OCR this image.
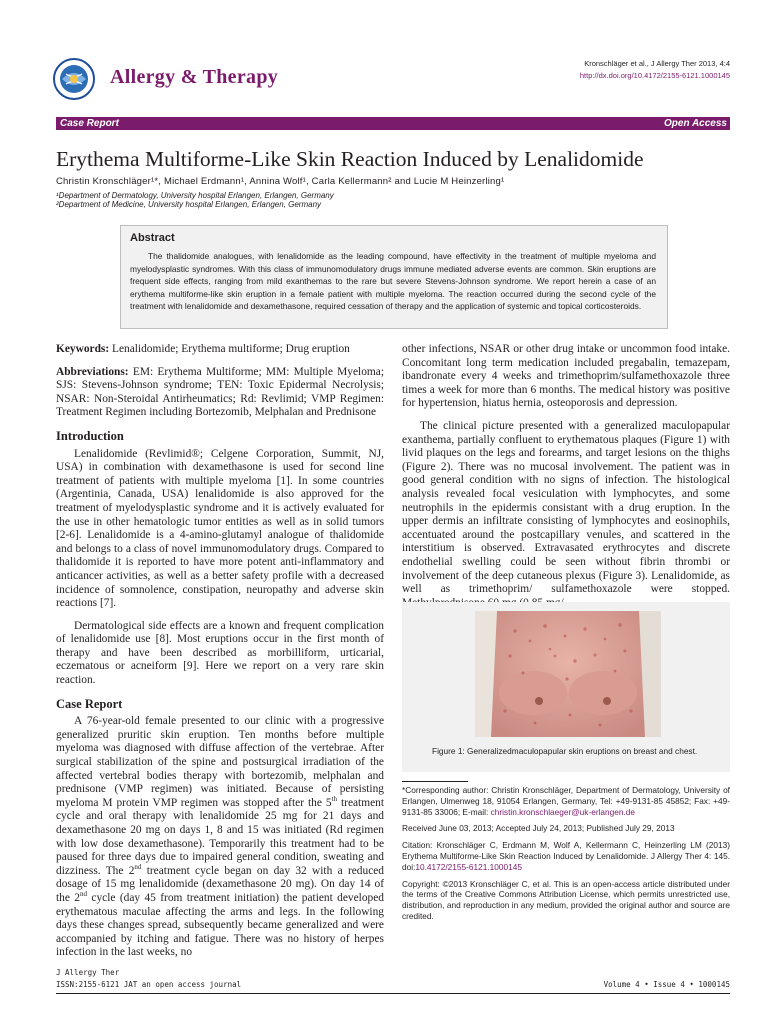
Allergy & Therapy
Kronschläger et al., J Allergy Ther 2013, 4:4
http://dx.doi.org/10.4172/2155-6121.1000145
Case Report	Open Access
Erythema Multiforme-Like Skin Reaction Induced by Lenalidomide
Christin Kronschläger¹*, Michael Erdmann¹, Annina Wolf¹, Carla Kellermann² and Lucie M Heinzerling¹
¹Department of Dermatology, University hospital Erlangen, Erlangen, Germany
²Department of Medicine, University hospital Erlangen, Erlangen, Germany
Abstract
The thalidomide analogues, with lenalidomide as the leading compound, have effectivity in the treatment of multiple myeloma and myelodysplastic syndromes. With this class of immunomodulatory drugs immune mediated adverse events are common. Skin eruptions are frequent side effects, ranging from mild exanthemas to the rare but severe Stevens-Johnson syndrome. We report herein a case of an erythema multiforme-like skin eruption in a female patient with multiple myeloma. The reaction occurred during the second cycle of the treatment with lenalidomide and dexamethasone, required cessation of therapy and the application of systemic and topical corticosteroids.

Keywords: Lenalidomide; Erythema multiforme; Drug eruption

Abbreviations: EM: Erythema Multiforme; MM: Multiple Myeloma; SJS: Stevens-Johnson syndrome; TEN: Toxic Epidermal Necrolysis; NSAR: Non-Steroidal Antirheumatics; Rd: Revlimid; VMP Regimen: Treatment Regimen including Bortezomib, Melphalan and Prednisone

Introduction

Lenalidomide (Revlimid®; Celgene Corporation, Summit, NJ, USA) in combination with dexamethasone is used for second line treatment of patients with multiple myeloma [1]. In some countries (Argentinia, Canada, USA) lenalidomide is also approved for the treatment of myelodysplastic syndrome and it is actively evaluated for the use in other hematologic tumor entities as well as in solid tumors [2-6]. Lenalidomide is a 4-amino-glutamyl analogue of thalidomide and belongs to a class of novel immunomodulatory drugs. Compared to thalidomide it is reported to have more potent anti-inflammatory and anticancer activities, as well as a better safety profile with a decreased incidence of somnolence, constipation, neuropathy and adverse skin reactions [7].

Dermatological side effects are a known and frequent complication of lenalidomide use [8]. Most eruptions occur in the first month of therapy and have been described as morbilliform, urticarial, eczematous or acneiform [9]. Here we report on a very rare skin reaction.

Case Report

A 76-year-old female presented to our clinic with a progressive generalized pruritic skin eruption. Ten months before multiple myeloma was diagnosed with diffuse affection of the vertebrae. After surgical stabilization of the spine and postsurgical irradiation of the affected vertebral bodies therapy with bortezomib, melphalan and prednisone (VMP regimen) was initiated. Because of persisting myeloma M protein VMP regimen was stopped after the 5th treatment cycle and oral therapy with lenalidomide 25 mg for 21 days and dexamethasone 20 mg on days 1, 8 and 15 was initiated (Rd regimen with low dose dexamethasone). Temporarily this treatment had to be paused for three days due to impaired general condition, sweating and dizziness. The 2nd treatment cycle began on day 32 with a reduced dosage of 15 mg lenalidomide (dexamethasone 20 mg). On day 14 of the 2nd cycle (day 45 from treatment initiation) the patient developed erythematous maculae affecting the arms and legs. In the following days these changes spread, subsequently became generalized and were accompanied by itching and fatigue. There was no history of herpes infection in the last weeks, no

other infections, NSAR or other drug intake or uncommon food intake. Concomitant long term medication included pregabalin, temazepam, ibandronate every 4 weeks and trimethoprim/sulfamethoxazole three times a week for more than 6 months. The medical history was positive for hypertension, hiatus hernia, osteoporosis and depression.

The clinical picture presented with a generalized maculopapular exanthema, partially confluent to erythematous plaques (Figure 1) with livid plaques on the legs and forearms, and target lesions on the thighs (Figure 2). There was no mucosal involvement. The patient was in good general condition with no signs of infection. The histological analysis revealed focal vesiculation with lymphocytes, and some neutrophils in the epidermis consistant with a drug eruption. In the upper dermis an infiltrate consisting of lymphocytes and eosinophils, accentuated around the postcapillary venules, and scattered in the interstitium is observed. Extravasated erythrocytes and discrete endothelial swelling could be seen without fibrin thrombi or involvement of the deep cutaneous plexus (Figure 3). Lenalidomide, as well as trimethoprim/ sulfamethoxazole were stopped.

Figure 1: Generalizedmaculopapular skin eruptions on breast and chest.

*Corresponding author: Christin Kronschläger, Department of Dermatology, University of Erlangen, Ulmenweg 18, 91054 Erlangen, Germany, Tel: +49-9131-85 45852; Fax: +49-9131-85 33006; E-mail: christin.kronschlaeger@uk-erlangen.de

Received June 03, 2013; Accepted July 24, 2013; Published July 29, 2013

Citation: Kronschläger C, Erdmann M, Wolf A, Kellermann C, Heinzerling LM (2013) Erythema Multiforme-Like Skin Reaction Induced by Lenalidomide. J Allergy Ther 4: 145. doi:10.4172/2155-6121.1000145

Copyright: ©2013 Kronschläger C, et al. This is an open-access article distributed under the terms of the Creative Commons Attribution License, which permits unrestricted use, distribution, and reproduction in any medium, provided the original author and source are credited.

J Allergy Ther
ISSN:2155-6121 JAT an open access journal	Volume 4 • Issue 4 • 1000145
